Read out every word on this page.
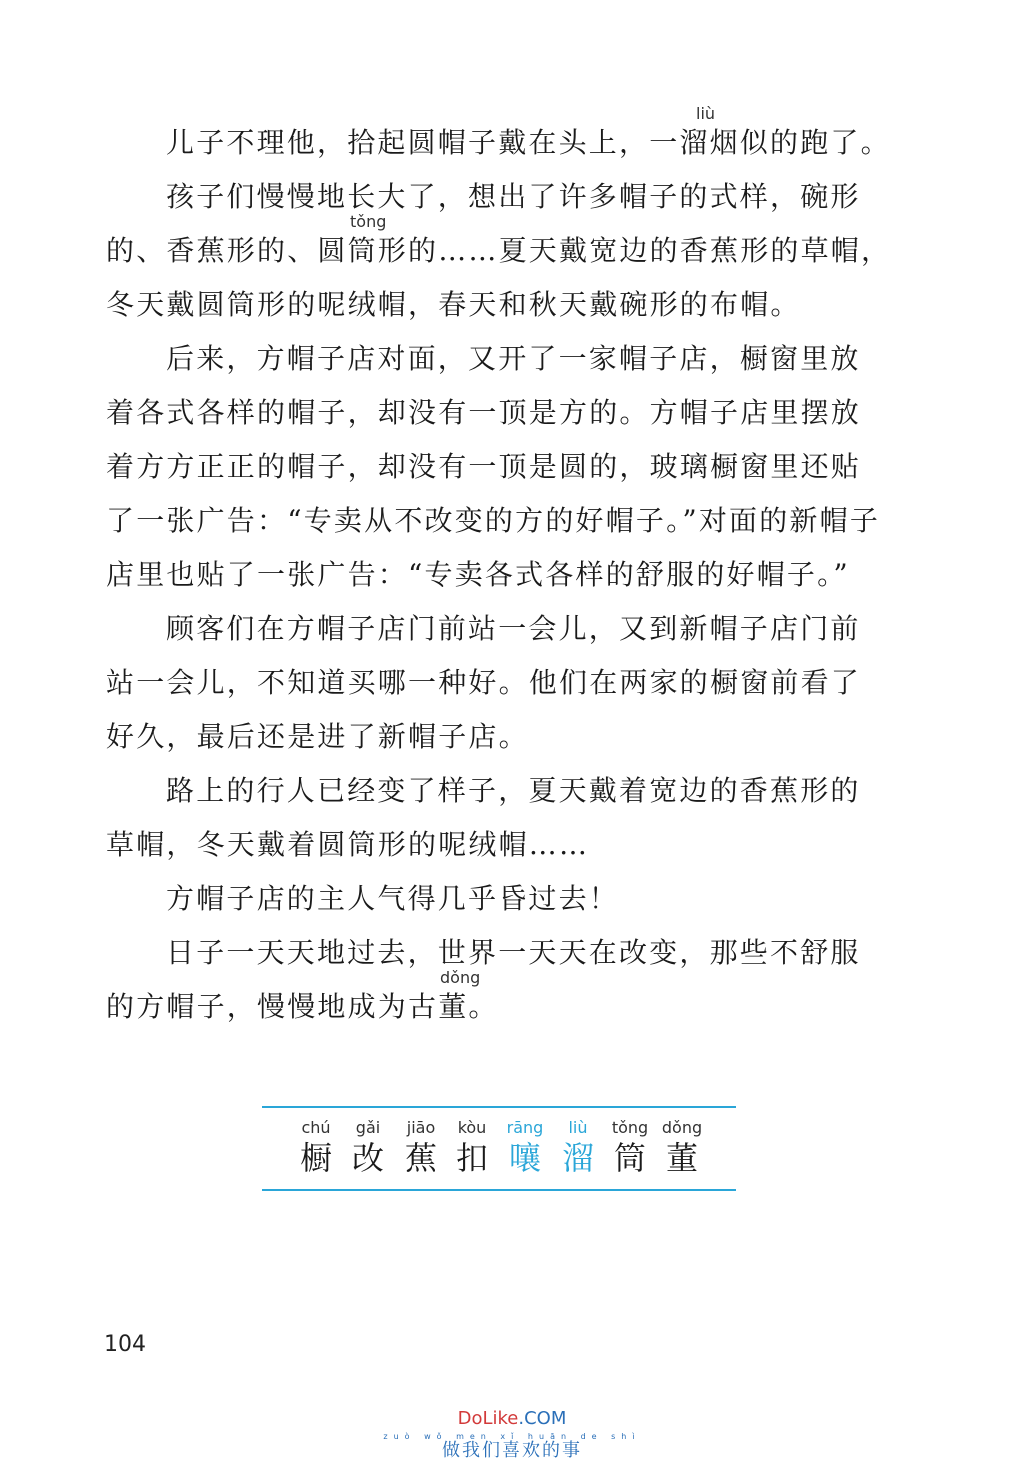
儿子不理他，拾起圆帽子戴在头上，一溜烟似的跑了。
孩子们慢慢地长大了，想出了许多帽子的式样，碗形
的、香蕉形的、圆筒形的……夏天戴宽边的香蕉形的草帽，
冬天戴圆筒形的呢绒帽，春天和秋天戴碗形的布帽。
后来，方帽子店对面，又开了一家帽子店，橱窗里放
着各式各样的帽子，却没有一顶是方的。方帽子店里摆放
着方方正正的帽子，却没有一顶是圆的，玻璃橱窗里还贴
了一张广告：“专卖从不改变的方的好帽子。”对面的新帽子
店里也贴了一张广告：“专卖各式各样的舒服的好帽子。”
顾客们在方帽子店门前站一会儿，又到新帽子店门前
站一会儿，不知道买哪一种好。他们在两家的橱窗前看了
好久，最后还是进了新帽子店。
路上的行人已经变了样子，夏天戴着宽边的香蕉形的
草帽，冬天戴着圆筒形的呢绒帽……
方帽子店的主人气得几乎昏过去！
日子一天天地过去，世界一天天在改变，那些不舒服
的方帽子，慢慢地成为古董。
liù
tǒng
dǒng
chú
橱
gǎi
改
jiāo
蕉
kòu
扣
rāng
嚷
liù
溜
tǒng
筒
dǒng
董
104
DoLike.COM
zuò wǒ men xǐ huān de shì
做我们喜欢的事
